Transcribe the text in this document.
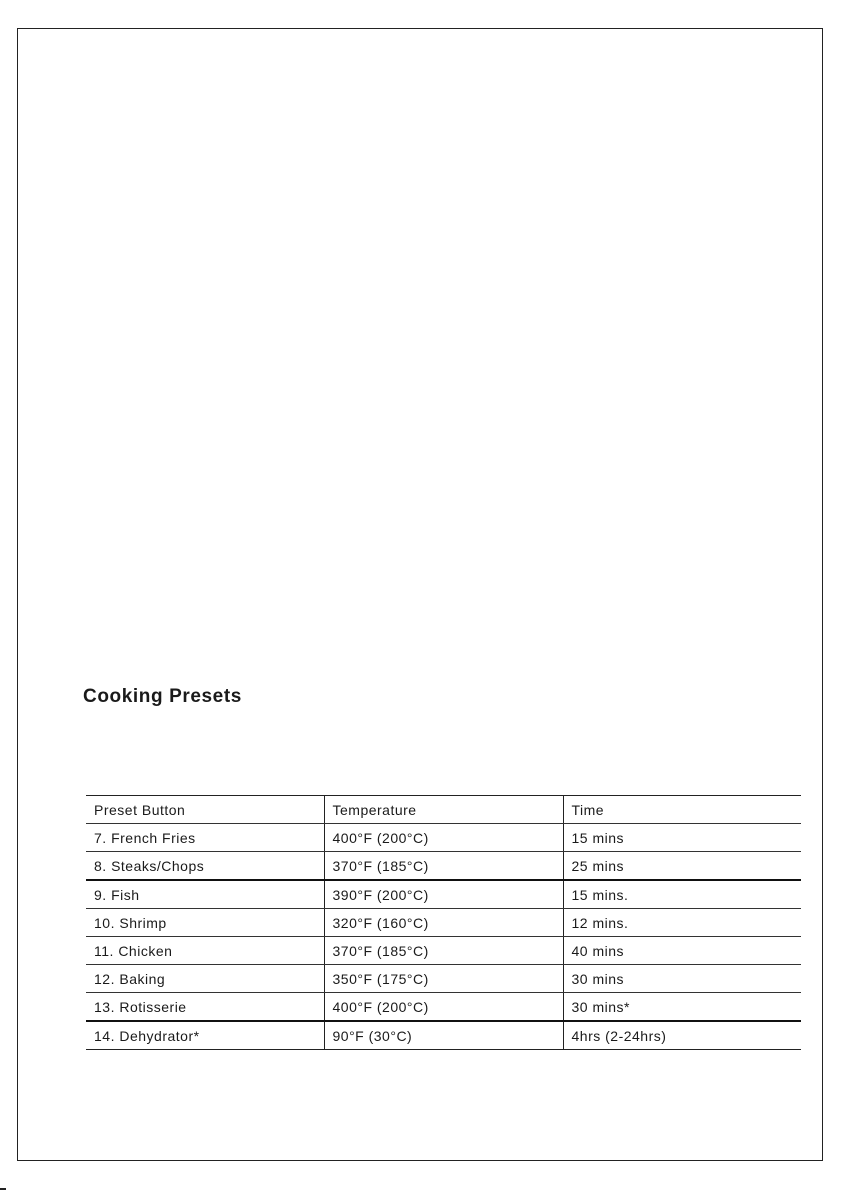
Cooking Presets
Preset Button	Temperature	Time
7. French Fries	400°F (200°C)	15 mins
8. Steaks/Chops	370°F (185°C)	25 mins
9. Fish	390°F (200°C)	15 mins.
10. Shrimp	320°F (160°C)	12 mins.
11. Chicken	370°F (185°C)	40 mins
12. Baking	350°F (175°C)	30 mins
13. Rotisserie	400°F (200°C)	30 mins*
14. Dehydrator*	90°F (30°C)	4hrs (2-24hrs)
